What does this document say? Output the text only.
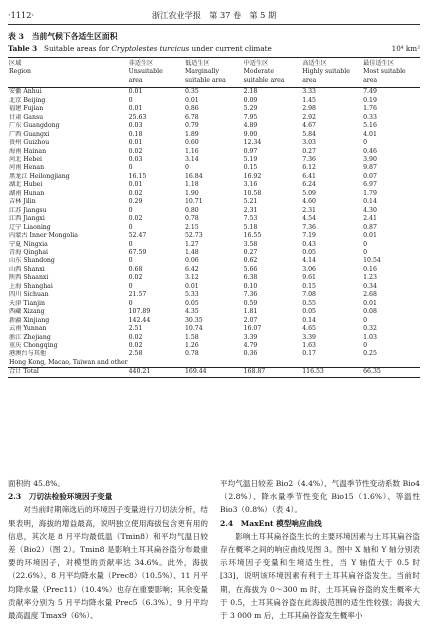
·1112·	浙江农业学报　第 37 卷　第 5 期
表 3　当前气候下各适生区面积
Table 3 Suitable areas for Cryptolestes turcicus under current climate	10⁴ km²
区域	非适生区	低适生区	中适生区	高适生区	最佳适生区
Region	Unsuitable	Marginally	Moderate	Highly suitable	Most suitable
	area	suitable area	suitable area	area	area
安徽 Anhui	0.01	0.35	2.18	3.33	7.49
北京 Beijing	0	0.01	0.09	1.45	0.19
福建 Fujian	0.01	0.86	5.29	2.98	1.76
甘肃 Gansu	25.63	6.78	7.95	2.92	0.33
广东 Guangdong	0.03	0.79	4.89	4.67	5.16
广西 Guangxi	0.18	1.89	9.00	5.84	4.01
贵州 Guizhou	0.01	0.60	12.34	3.03	0
海南 Hainan	0.02	1.16	0.97	0.27	0.46
河北 Hebei	0.03	3.14	5.19	7.36	3.90
河南 Henan	0	0	0.15	6.12	9.87
黑龙江 Heilongjiang	16.15	16.84	16.92	6.41	0.07
湖北 Hubei	0.01	1.18	3.16	6.24	6.97
湖南 Hunan	0.02	1.90	10.58	5.09	1.79
吉林 Jilin	0.29	10.71	5.21	4.60	0.14
江苏 Jiangsu	0	0.80	2.31	2.31	4.30
江西 Jiangxi	0.02	0.78	7.53	4.54	2.41
辽宁 Liaoning	0	2.15	5.18	7.36	0.87
内蒙古 Inner Mongolia	52.47	52.73	16.55	7.19	0.01
宁夏 Ningxia	0	1.27	3.58	0.43	0
青海 Qinghai	67.59	1.48	0.27	0.05	0
山东 Shandong	0	0.06	0.62	4.14	10.54
山西 Shanxi	0.68	6.42	5.66	3.06	0.16
陕西 Shaanxi	0.02	3.12	6.38	9.61	1.23
上海 Shanghai	0	0.01	0.10	0.15	0.34
四川 Sichuan	21.57	5.33	7.36	7.08	2.68
天津 Tianjin	0	0.05	0.59	0.55	0.01
西藏 Xizang	107.89	4.35	1.81	0.05	0.08
新疆 Xinjiang	142.44	30.35	2.07	0.14	0
云南 Yunnan	2.51	10.74	16.07	4.65	0.32
浙江 Zhejiang	0.02	1.58	3.39	3.39	1.03
重庆 Chongqing	0.02	1.26	4.79	1.63	0
港澳台与其他	2.58	0.78	0.36	0.17	0.25
Hong Kong, Macao, Taiwan and other					
合计 Total	440.21	169.44	168.87	116.53	66.35

面积的 45.8%。

2.3　刀切法检验环境因子变量

对当前时期筛选后的环境因子变量进行刀切法分析，结果表明，海拔的增益最高，说明独立使用海拔包含更有用的信息，其次是 8 月平均最低温（Tmin8）和平均气温日较差（Bio2）（图 2）。Tmin8 是影响土耳其扁谷盗分布最重要的环境因子，对模型的贡献率达 34.6%。此外，海拔（22.6%）、8 月平均降水量（Prec8）（10.5%）、11 月平均降水量（Prec11）（10.4%）也存在重要影响；其余变量贡献率分别为 5 月平均降水量 Prec5（6.3%）、9 月平均最高温度 Tmax9（6%）、

平均气温日较差 Bio2（4.4%）、气温季节性变动系数 Bio4（2.8%）、降水量季节性变化 Bio15（1.6%）、等温性 Bio3（0.8%）（表 4）。

2.4　MaxEnt 模型响应曲线

影响土耳其扁谷盗生长的主要环境因素与土耳其扁谷盗存在概率之间的响应曲线见图 3。图中 X 轴和 Y 轴分别表示环境因子变量和生境适生性，当 Y 轴值大于 0.5 时[33]，说明该环境因素有利于土耳其扁谷盗发生。当前时期，在海拔为 0～300 m 时，土耳其扁谷盗的发生概率大于 0.5，土耳其扁谷盗在此海拔范围的适生性较强；海拔大于 3 000 m 后，土耳其扁谷盗发生概率小
